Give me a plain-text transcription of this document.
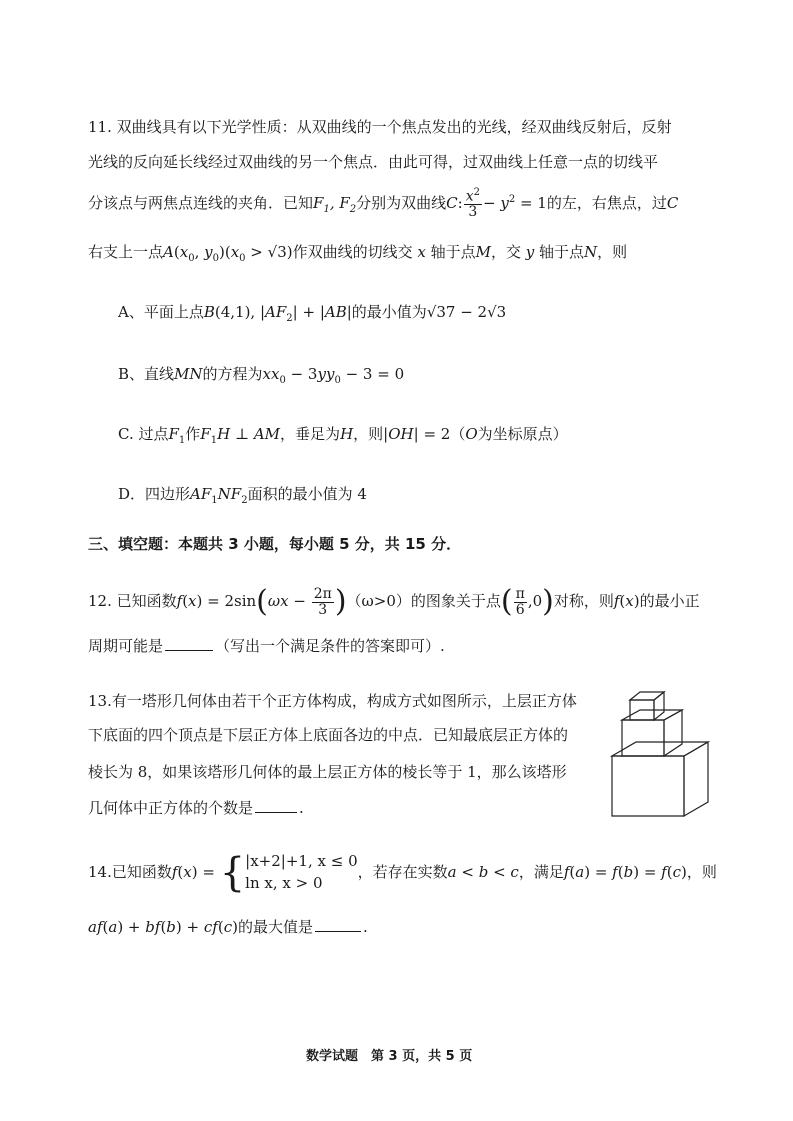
11. 双曲线具有以下光学性质：从双曲线的一个焦点发出的光线，经双曲线反射后，反射
光线的反向延长线经过双曲线的另一个焦点．由此可得，过双曲线上任意一点的切线平
分该点与两焦点连线的夹角．已知$F_1$, $F_2$分别为双曲线C: $\frac{x^2}{3} - y^2 = 1$的左，右焦点，过C
右支上一点$A(x_0$, $y_0)(x_0 > √3)$作双曲线的切线交 x 轴于点M，交 y 轴于点N，则
A、平面上点B(4,1), $|AF_2| + |AB|$的最小值为√37 − 2√3
B、直线MN的方程为$xx_0 - 3yy_0 - 3 = 0$
C. 过点$F_1$作$F_1H$ ⊥ AM，垂足为H，则|OH| = 2（O为坐标原点）
D．四边形$AF_1NF_2$面积的最小值为 4
三、填空题：本题共 3 小题，每小题 5 分，共 15 分．
12. 已知函数$f(x) = 2\sin(\omega x - \frac{2\pi}{3} )(\omega>0)$的图象关于点( $\frac{\pi}{6} ,0$)对称，则f(x)的最小正
周期可能是	（写出一个满足条件的答案即可）.
13.有一塔形几何体由若干个正方体构成，构成方式如图所示，上层正方体
下底面的四个顶点是下层正方体上底面各边的中点．已知最底层正方体的
棱长为 8，如果该塔形几何体的最上层正方体的棱长等于 1，那么该塔形
几何体中正方体的个数是	.
14.已知函数f(x) = { |x+2|+1, x ≤ 0
ln x, x > 0
，若存在实数a < b < c，满足f(a) = f(b) = f(c)，则
af(a) + bf(b) + cf(c)的最大值是	.
数学试题　第 3 页，共 5 页
